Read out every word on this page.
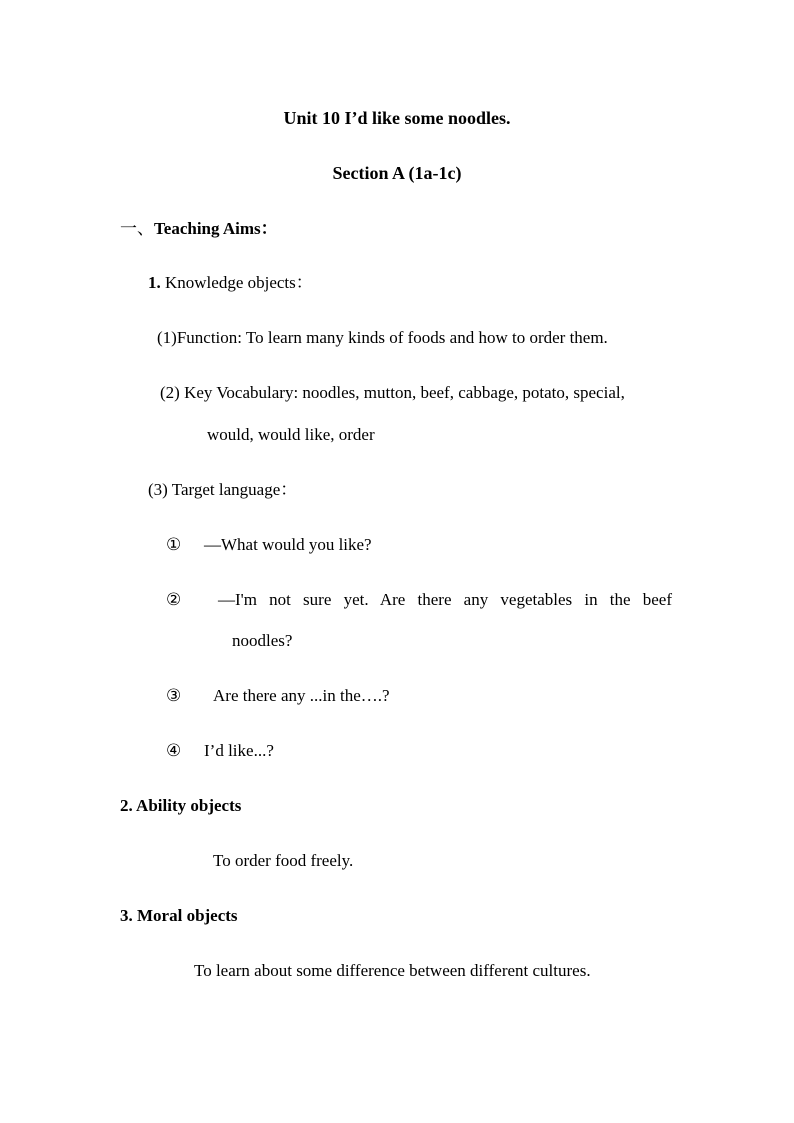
Unit 10 I’d like some noodles.
Section A (1a-1c)
一、Teaching Aims：
1. Knowledge objects：
(1)Function: To learn many kinds of foods and how to order them.
(2) Key Vocabulary: noodles, mutton, beef, cabbage, potato, special,
would, would like, order
(3) Target language：
① —What would you like?
② —I'm not sure yet. Are there any vegetables in the beef
noodles?
③ Are there any ...in the….?
④ I’d like...?
2. Ability objects
To order food freely.
3. Moral objects
To learn about some difference between different cultures.
